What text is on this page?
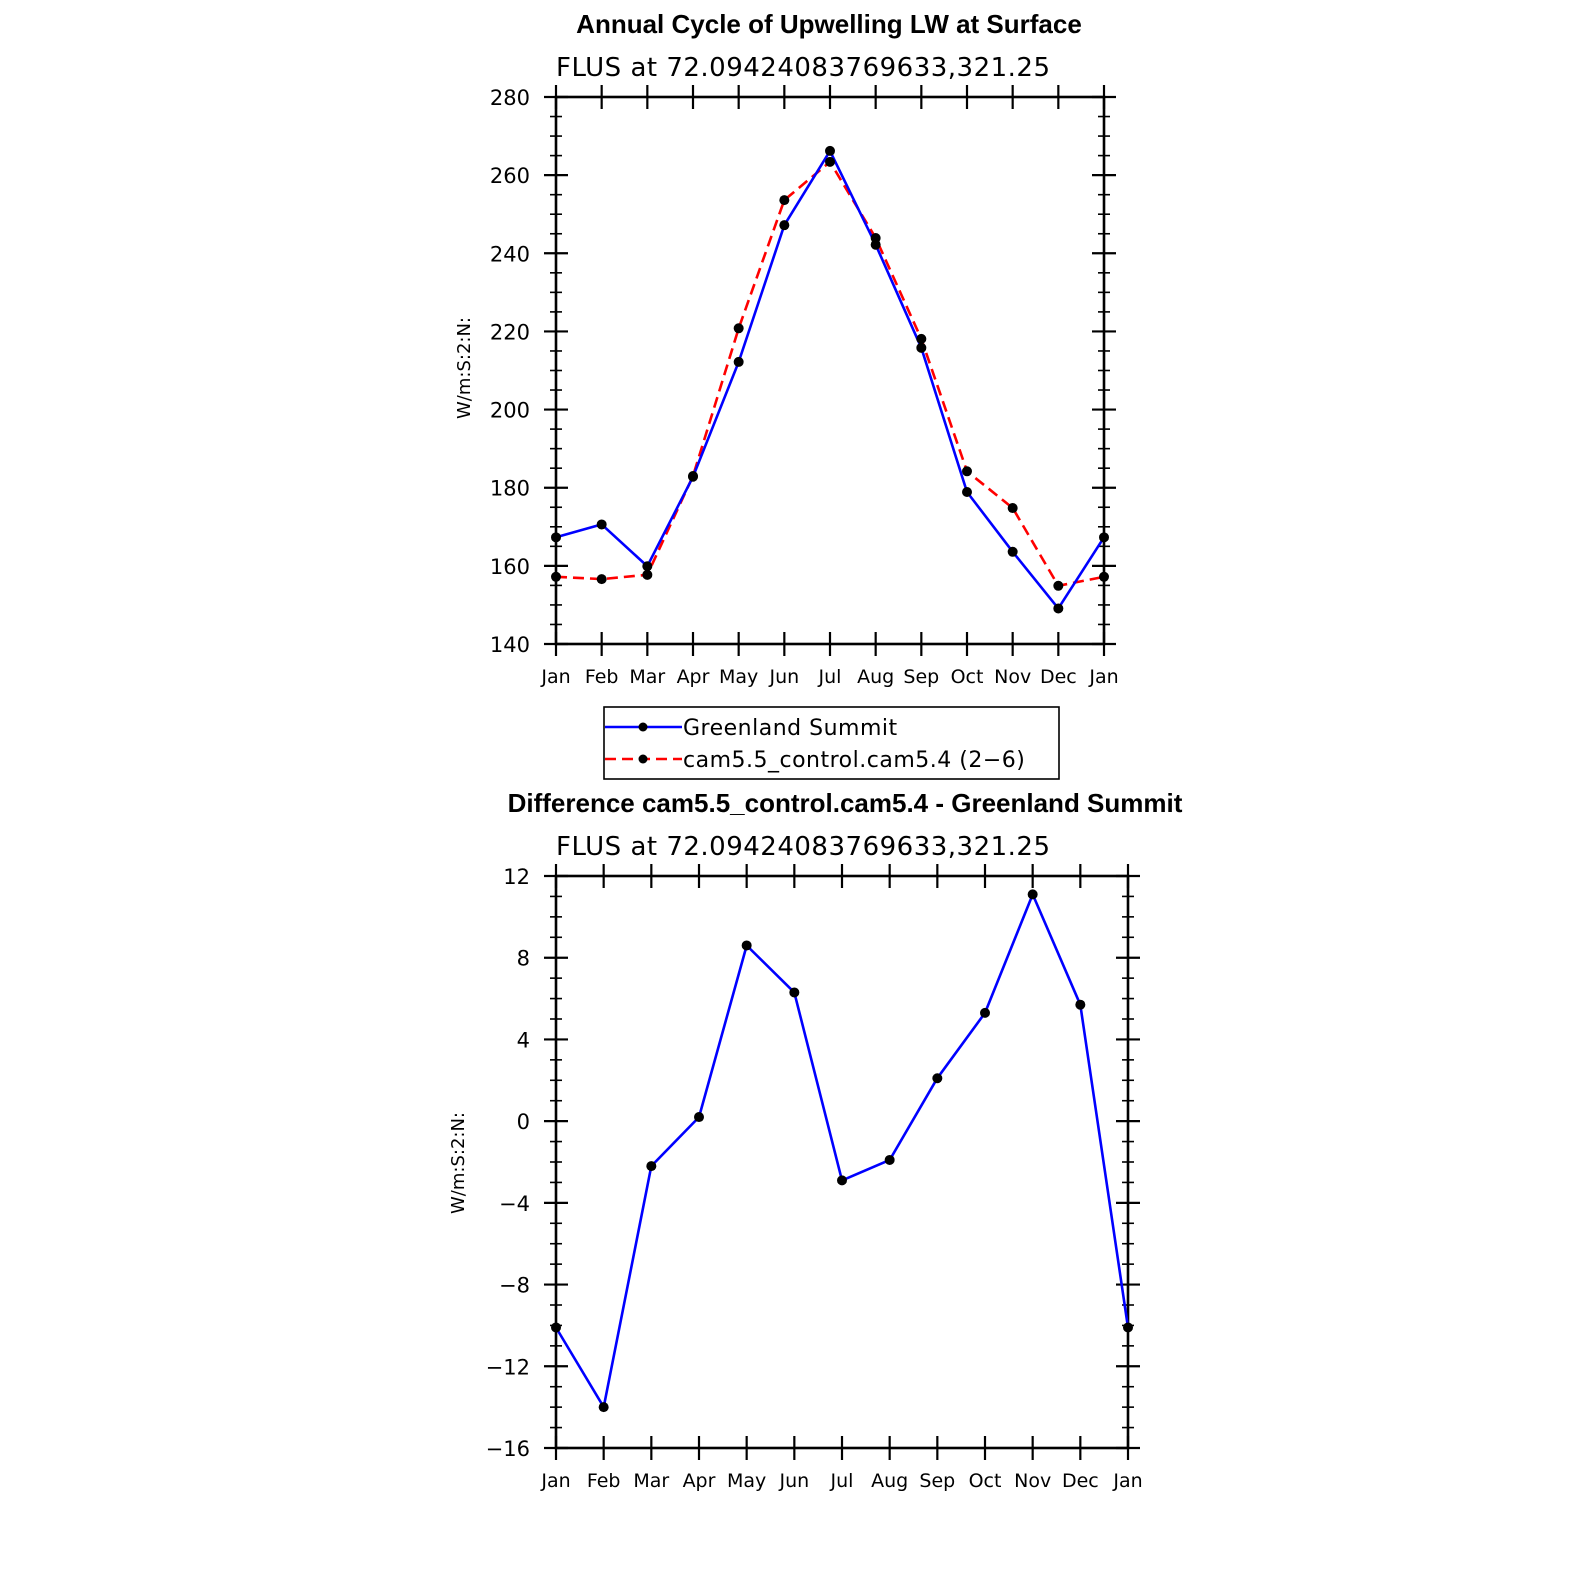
Annual Cycle of Upwelling LW at Surface
FLUS at 72.09424083769633,321.25
W/m:S:2:N:
140
160
180
200
220
240
260
280
Jan Feb Mar Apr May Jun Jul Aug Sep Oct Nov Dec Jan
Greenland Summit
cam5.5_control.cam5.4 (2−6)
Difference cam5.5_control.cam5.4 - Greenland Summit
FLUS at 72.09424083769633,321.25
W/m:S:2:N:
−16
−12
−8
−4
0
4
8
12
Jan Feb Mar Apr May Jun Jul Aug Sep Oct Nov Dec Jan
